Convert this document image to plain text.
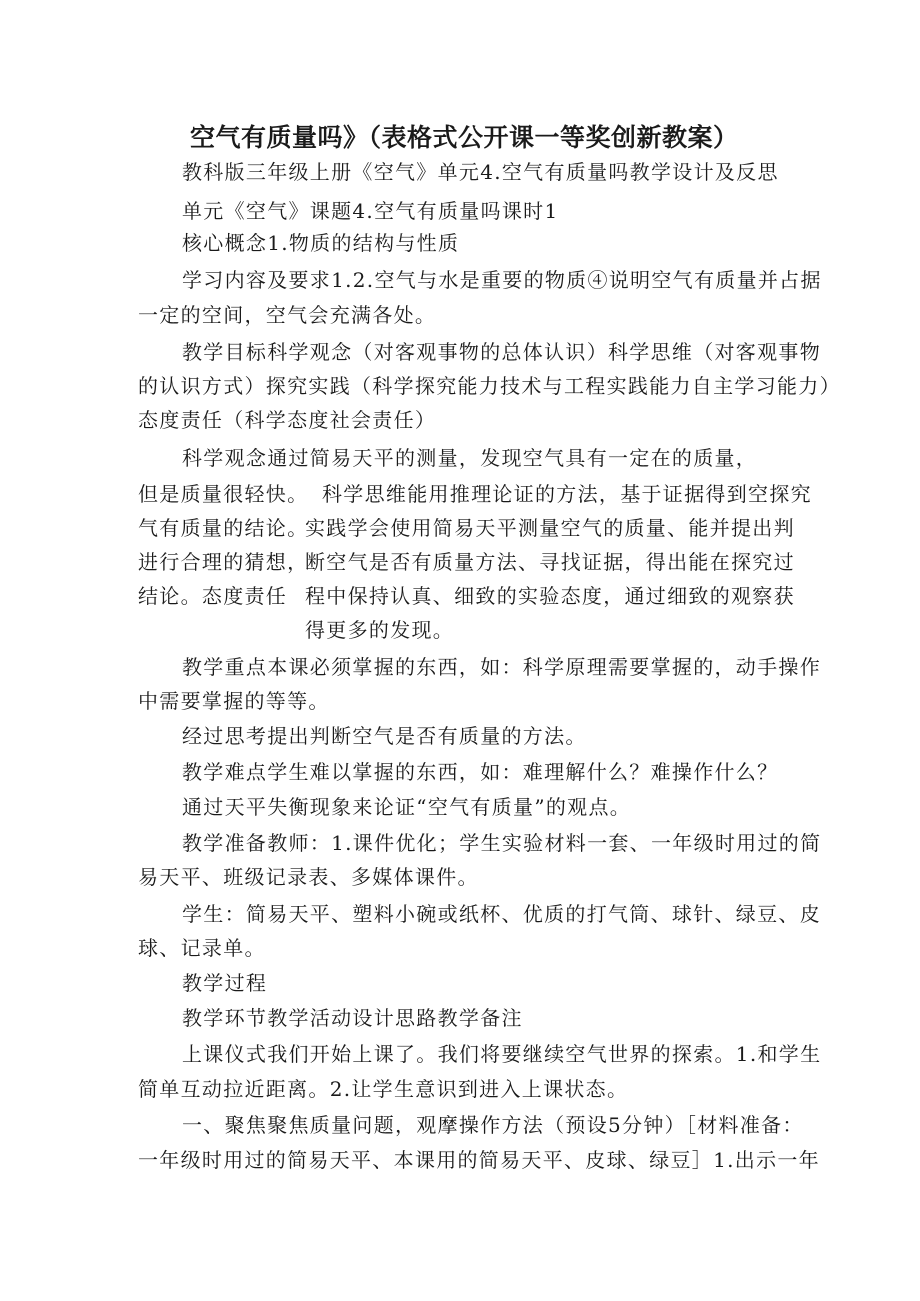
空气有质量吗》（表格式公开课一等奖创新教案）
教科版三年级上册《空气》单元4.空气有质量吗教学设计及反思
单元《空气》课题4.空气有质量吗课时1
核心概念1.物质的结构与性质
学习内容及要求1.2.空气与水是重要的物质④说明空气有质量并占据
一定的空间，空气会充满各处。
教学目标科学观念（对客观事物的总体认识）科学思维（对客观事物
的认识方式）探究实践（科学探究能力技术与工程实践能力自主学习能力）
态度责任（科学态度社会责任）
科学观念通过简易天平的测量，发现空气具有一定在的质量，
但是质量很轻快。
气有质量的结论。
进行合理的猜想，
结论。态度责任
科学思维能用推理论证的方法，基于证据得到空探究
实践学会使用简易天平测量空气的质量、能并提出判
断空气是否有质量方法、寻找证据，得出能在探究过
程中保持认真、细致的实验态度，通过细致的观察获
得更多的发现。
教学重点本课必须掌握的东西，如：科学原理需要掌握的，动手操作
中需要掌握的等等。
经过思考提出判断空气是否有质量的方法。
教学难点学生难以掌握的东西，如：难理解什么？难操作什么？
通过天平失衡现象来论证“空气有质量”的观点。
教学准备教师：1.课件优化；学生实验材料一套、一年级时用过的简
易天平、班级记录表、多媒体课件。
学生：简易天平、塑料小碗或纸杯、优质的打气筒、球针、绿豆、皮
球、记录单。
教学过程
教学环节教学活动设计思路教学备注
上课仪式我们开始上课了。我们将要继续空气世界的探索。1.和学生
简单互动拉近距离。2.让学生意识到进入上课状态。
一、聚焦聚焦质量问题，观摩操作方法（预设5分钟）［材料准备：
一年级时用过的简易天平、本课用的简易天平、皮球、绿豆］1.出示一年
